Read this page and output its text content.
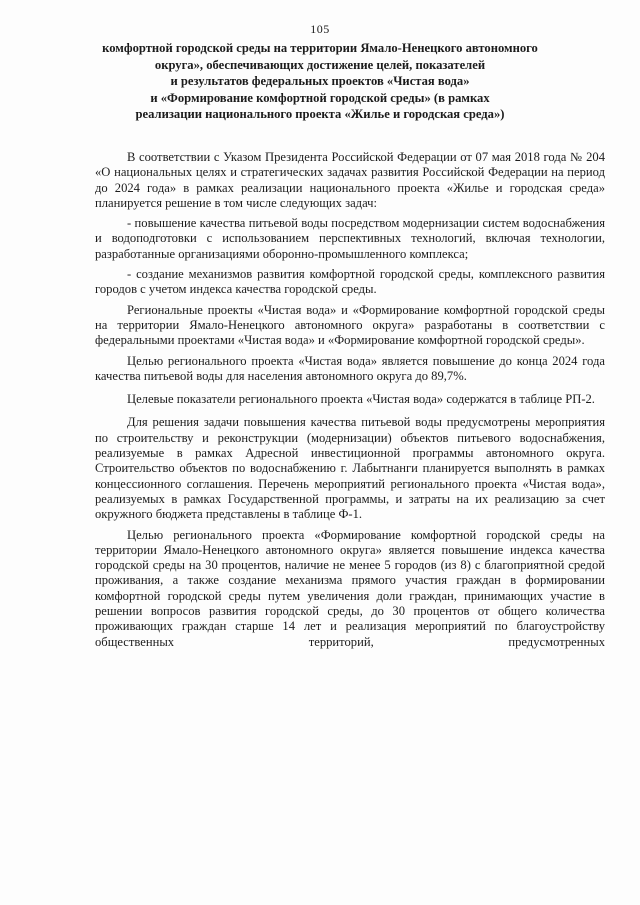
105
комфортной городской среды на территории Ямало-Ненецкого автономного
округа», обеспечивающих достижение целей, показателей
и результатов федеральных проектов «Чистая вода»
и «Формирование комфортной городской среды» (в рамках
реализации национального проекта «Жилье и городская среда»)

В соответствии с Указом Президента Российской Федерации от 07 мая 2018 года № 204 «О национальных целях и стратегических задачах развития Российской Федерации на период до 2024 года» в рамках реализации национального проекта «Жилье и городская среда» планируется решение в том числе следующих задач:

- повышение качества питьевой воды посредством модернизации систем водоснабжения и водоподготовки с использованием перспективных технологий, включая технологии, разработанные организациями оборонно-промышленного комплекса;

- создание механизмов развития комфортной городской среды, комплексного развития городов с учетом индекса качества городской среды.

Региональные проекты «Чистая вода» и «Формирование комфортной городской среды на территории Ямало-Ненецкого автономного округа» разработаны в соответствии с федеральными проектами «Чистая вода» и «Формирование комфортной городской среды».

Целью регионального проекта «Чистая вода» является повышение до конца 2024 года качества питьевой воды для населения автономного округа до 89,7%.

Целевые показатели регионального проекта «Чистая вода» содержатся в таблице РП-2.

Для решения задачи повышения качества питьевой воды предусмотрены мероприятия по строительству и реконструкции (модернизации) объектов питьевого водоснабжения, реализуемые в рамках Адресной инвестиционной программы автономного округа. Строительство объектов по водоснабжению г. Лабытнанги планируется выполнять в рамках концессионного соглашения. Перечень мероприятий регионального проекта «Чистая вода», реализуемых в рамках Государственной программы, и затраты на их реализацию за счет окружного бюджета представлены в таблице Ф-1.

Целью регионального проекта «Формирование комфортной городской среды на территории Ямало-Ненецкого автономного округа» является повышение индекса качества городской среды на 30 процентов, наличие не менее 5 городов (из 8) с благоприятной средой проживания, а также создание механизма прямого участия граждан в формировании комфортной городской среды путем увеличения доли граждан, принимающих участие в решении вопросов развития городской среды, до 30 процентов от общего количества проживающих граждан старше 14 лет и реализация мероприятий по благоустройству общественных территорий, предусмотренных
